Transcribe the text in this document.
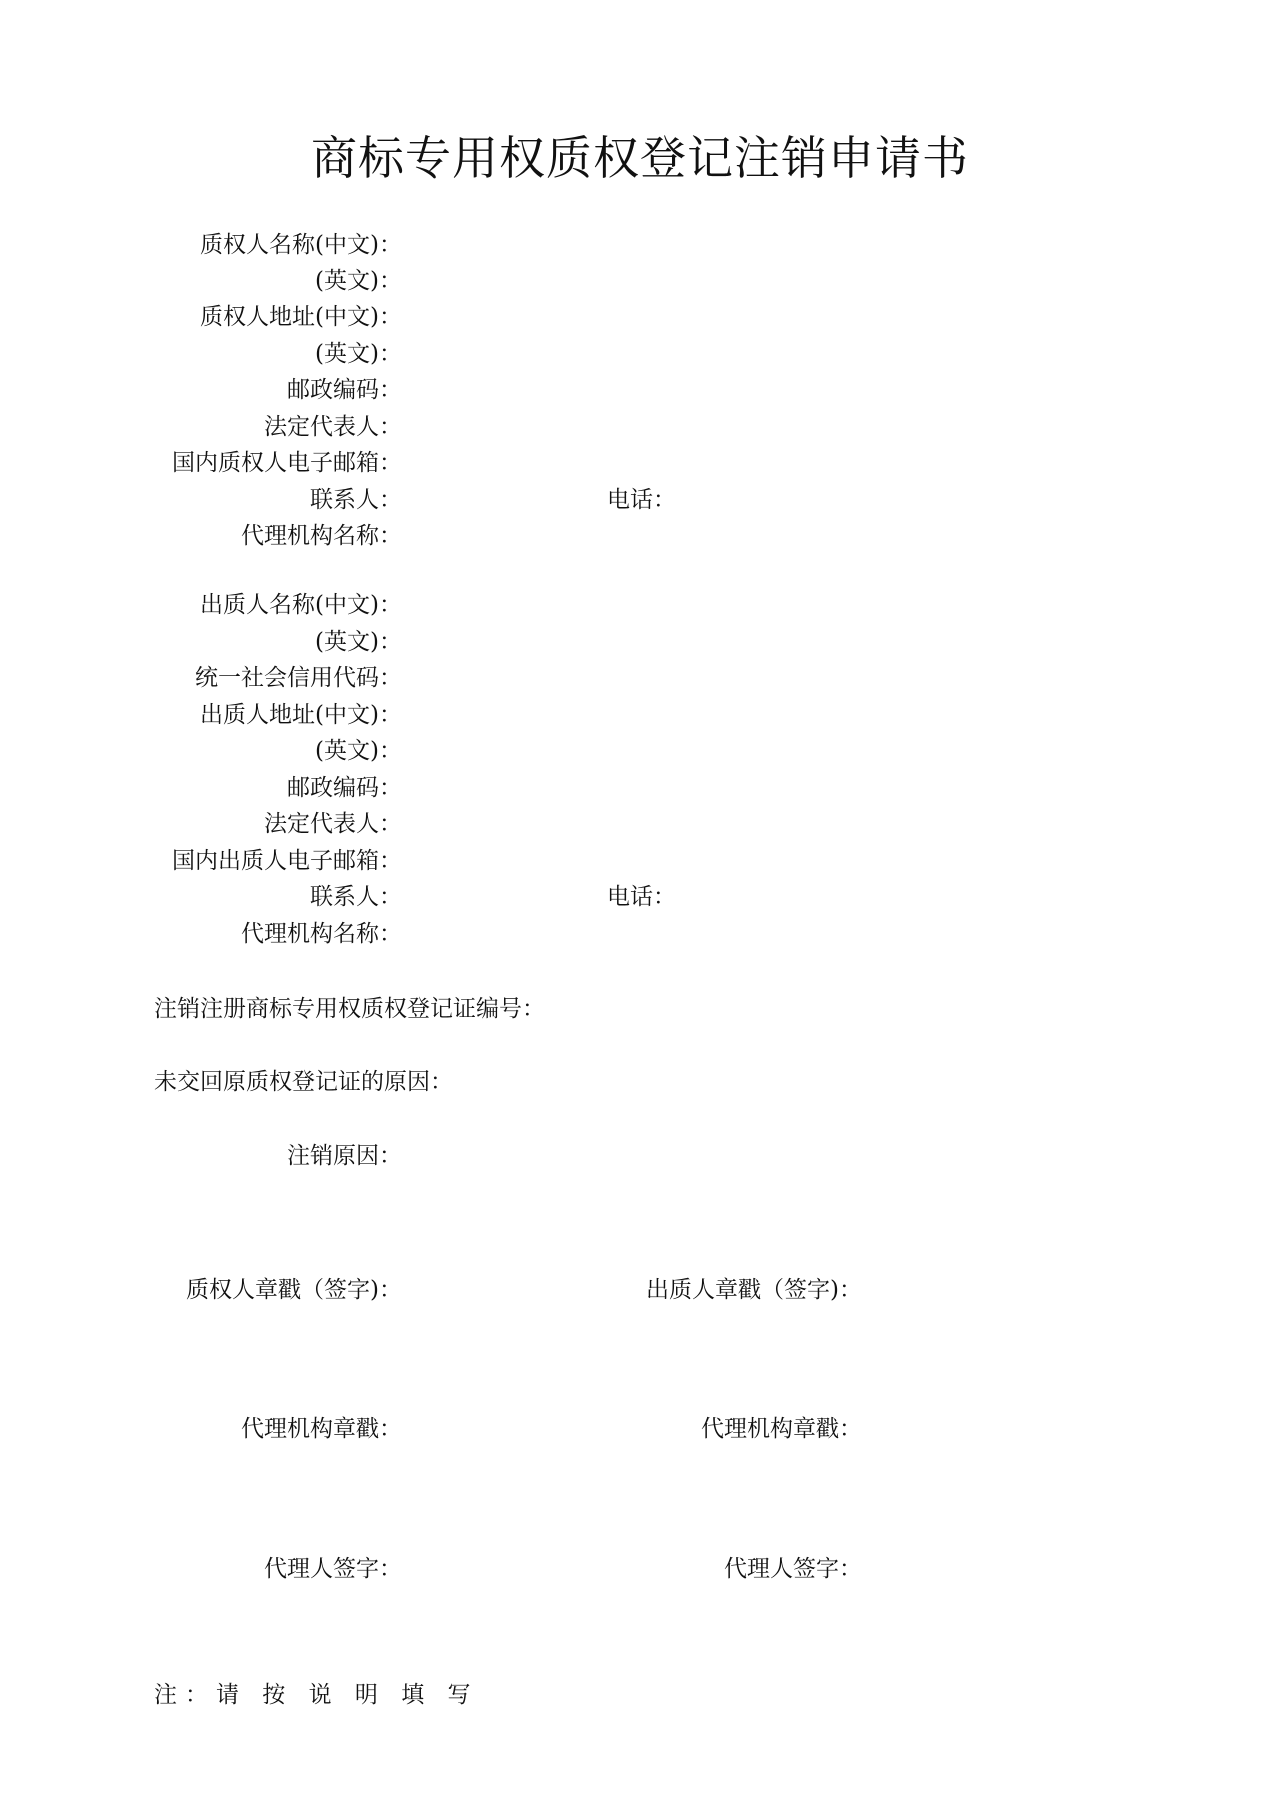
商标专用权质权登记注销申请书
质权人名称(中文)：
(英文)：
质权人地址(中文)：
(英文)：
邮政编码：
法定代表人：
国内质权人电子邮箱：
联系人：	电话：
代理机构名称：
出质人名称(中文)：
(英文)：
统一社会信用代码：
出质人地址(中文)：
(英文)：
邮政编码：
法定代表人：
国内出质人电子邮箱：
联系人：	电话：
代理机构名称：
注销注册商标专用权质权登记证编号：
未交回原质权登记证的原因：
注销原因：
质权人章戳（签字)：	出质人章戳（签字)：
代理机构章戳：	代理机构章戳：
代理人签字：	代理人签字：
注：请 按 说 明 填 写
